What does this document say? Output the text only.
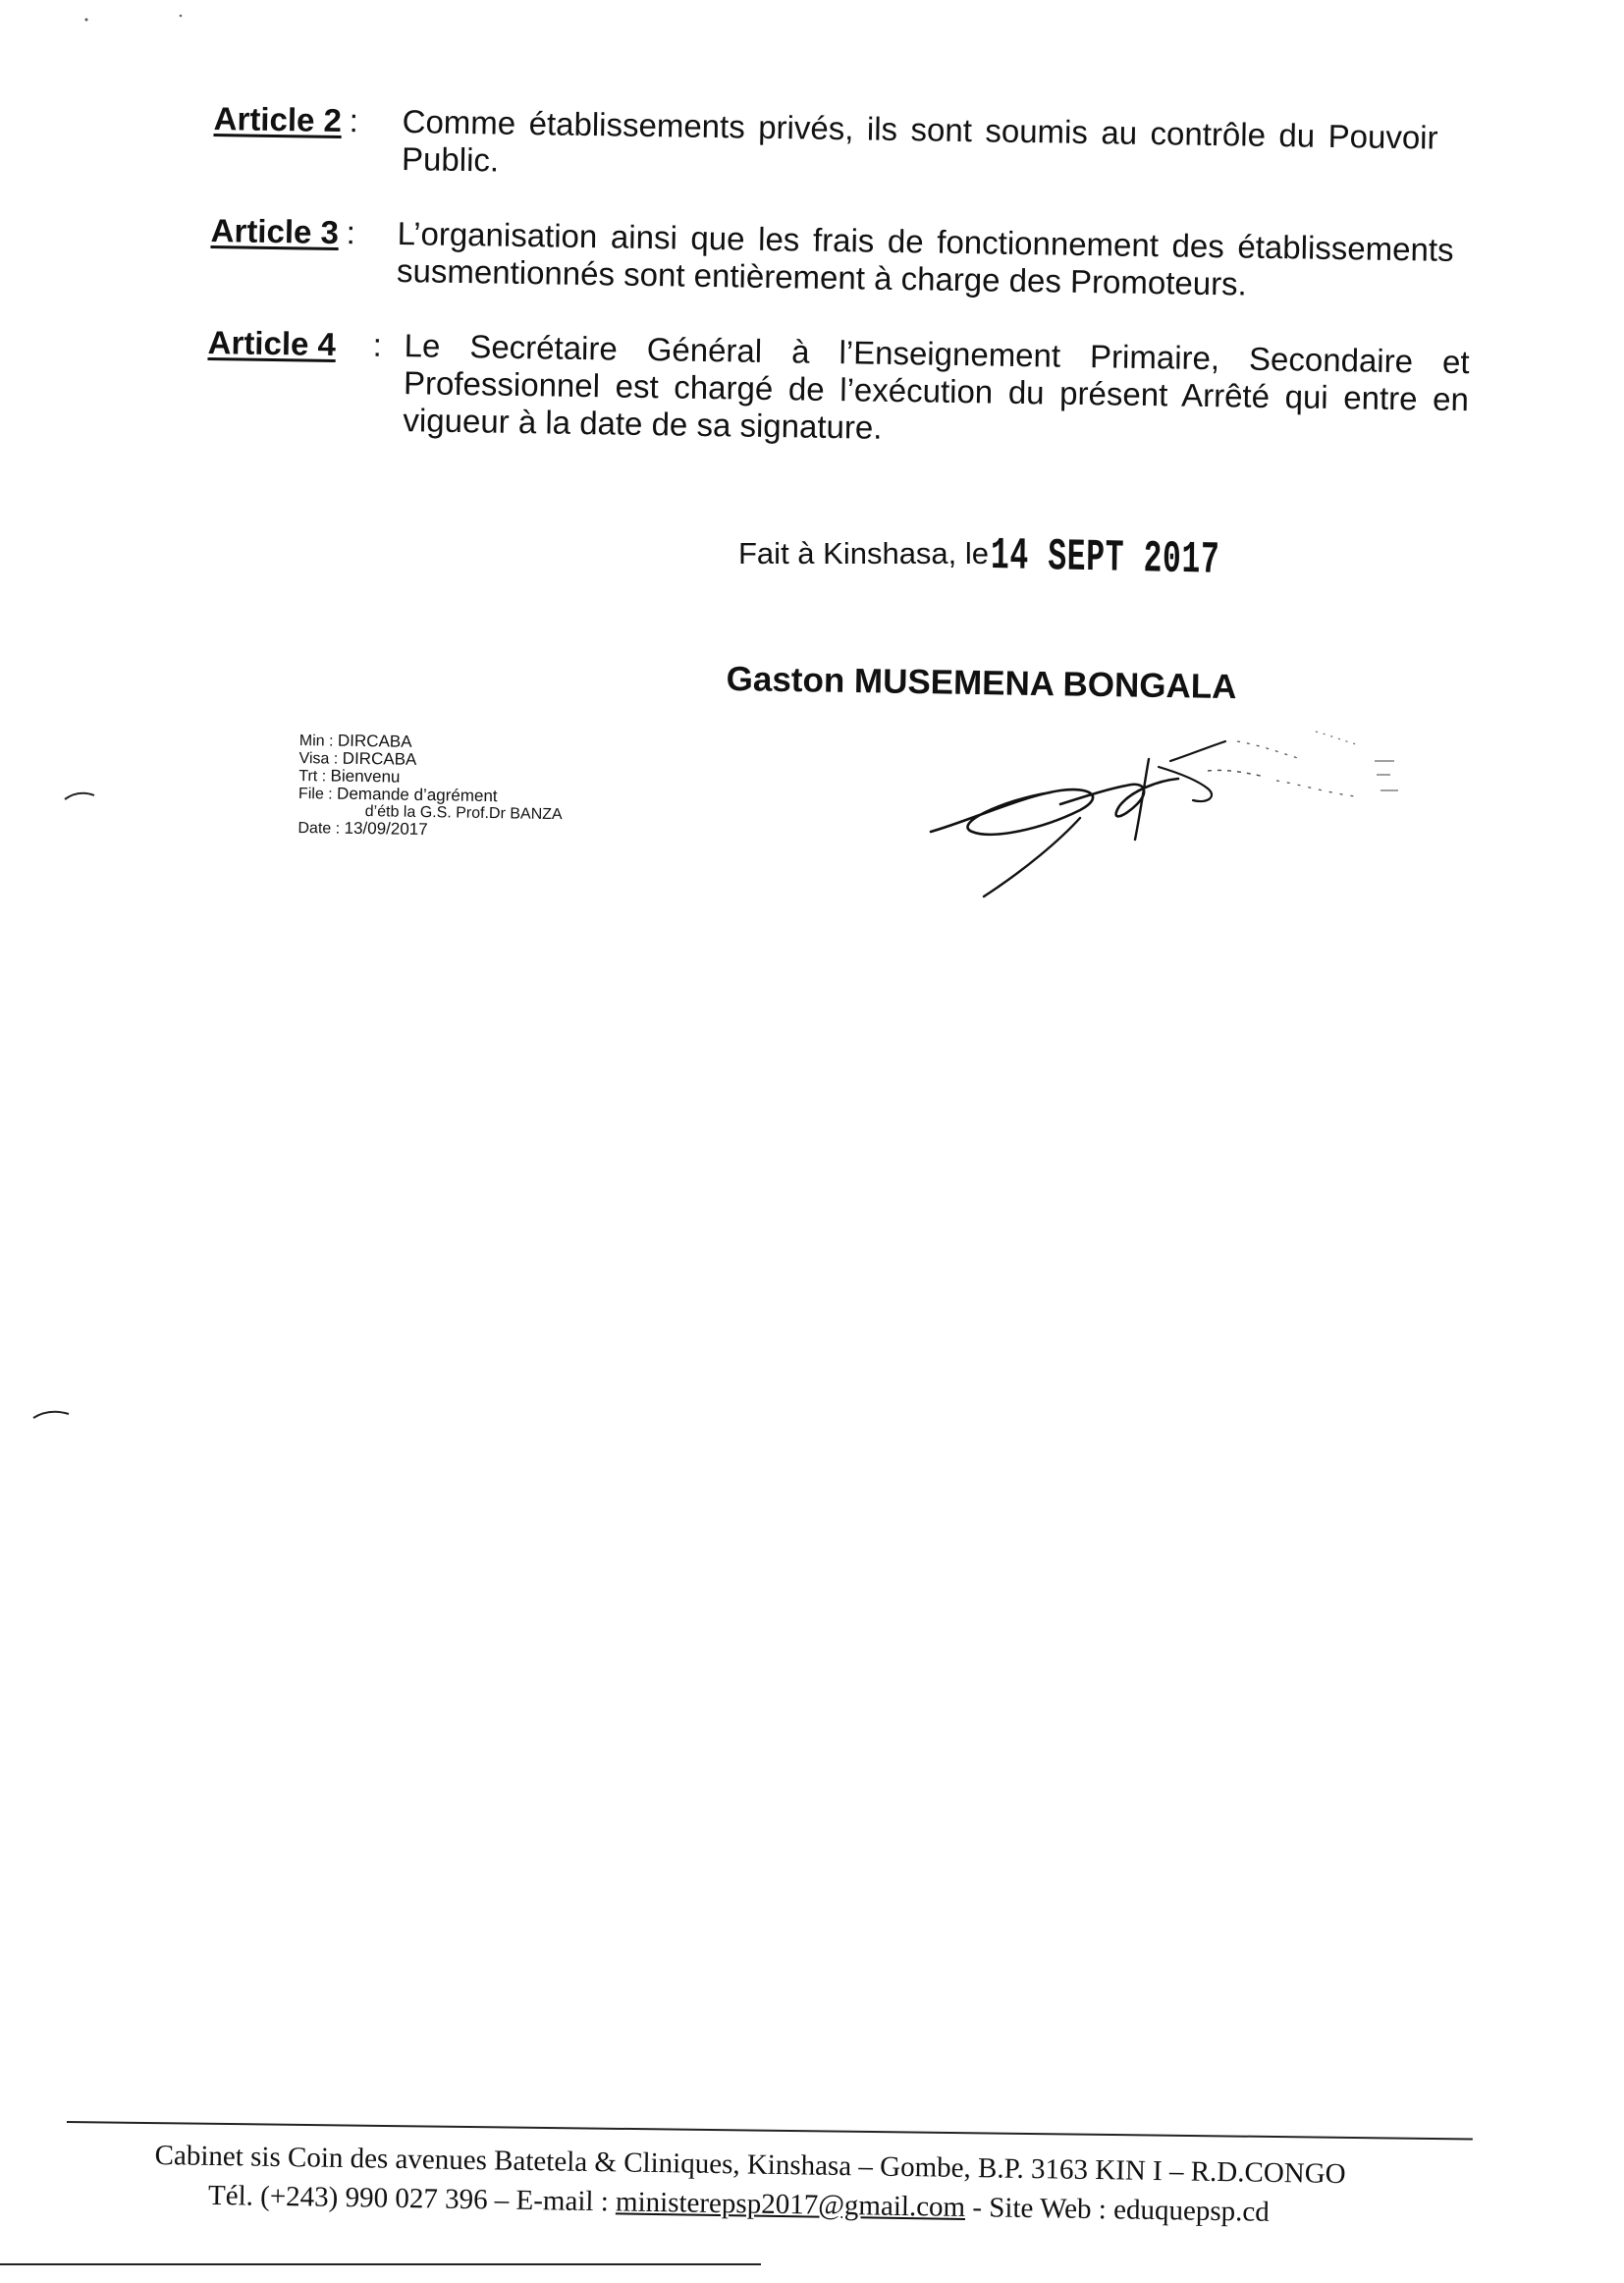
Article 2 : Comme établissements privés, ils sont soumis au contrôle du Pouvoir Public.
Article 3 : L’organisation ainsi que les frais de fonctionnement des établissements susmentionnés sont entièrement à charge des Promoteurs.
Article 4 : Le Secrétaire Général à l’Enseignement Primaire, Secondaire et Professionnel est chargé de l’exécution du présent Arrêté qui entre en vigueur à la date de sa signature.
Fait à Kinshasa, le14 SEPT 2017
Gaston MUSEMENA BONGALA
Min : DIRCABA
Visa : DIRCABA
Trt : Bienvenu
File : Demande d’agrément
d’étb la G.S. Prof.Dr BANZA
Date : 13/09/2017
Cabinet sis Coin des avenues Batetela & Cliniques, Kinshasa – Gombe, B.P. 3163 KIN I – R.D.CONGO
Tél. (+243) 990 027 396 – E-mail : ministerepsp2017@gmail.com - Site Web : eduquepsp.cd
